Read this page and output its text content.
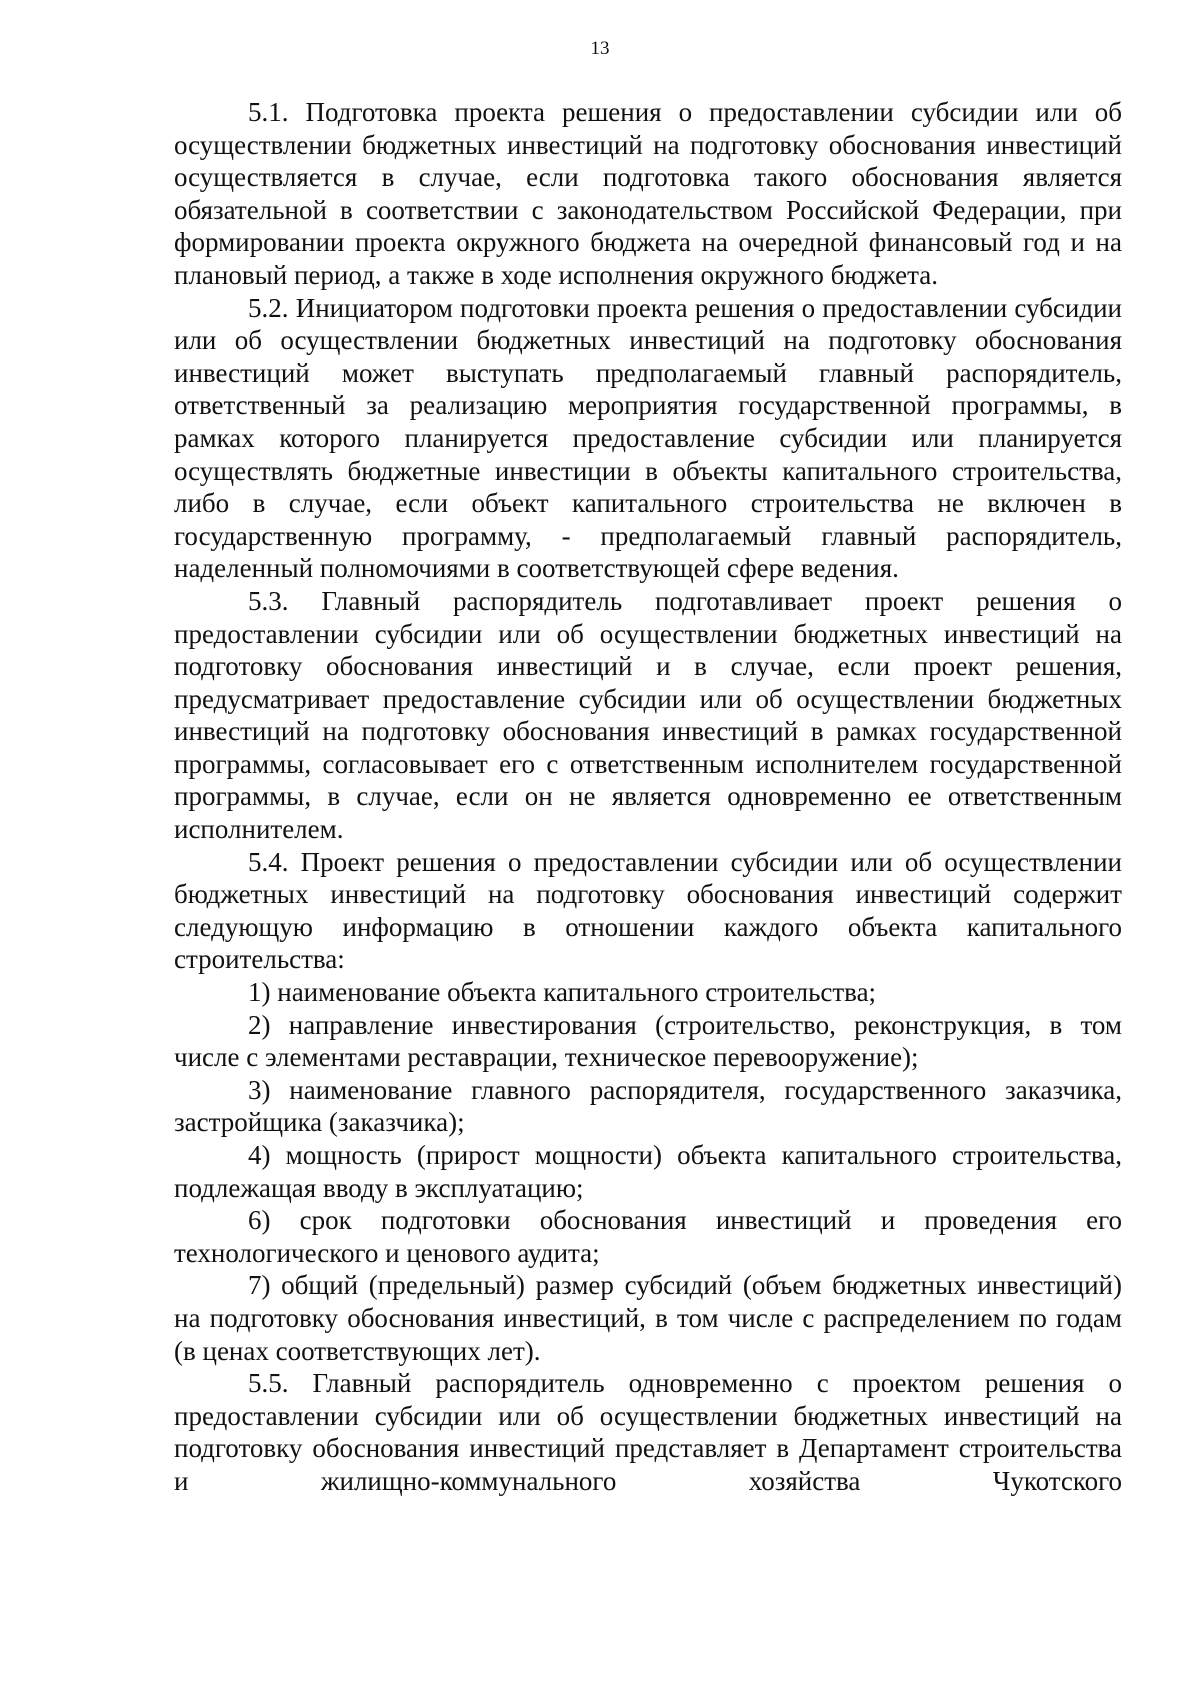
13

5.1. Подготовка проекта решения о предоставлении субсидии или об осуществлении бюджетных инвестиций на подготовку обоснования инвестиций осуществляется в случае, если подготовка такого обоснования является обязательной в соответствии с законодательством Российской Федерации, при формировании проекта окружного бюджета на очередной финансовый год и на плановый период, а также в ходе исполнения окружного бюджета.

5.2. Инициатором подготовки проекта решения о предоставлении субсидии или об осуществлении бюджетных инвестиций на подготовку обоснования инвестиций может выступать предполагаемый главный распорядитель, ответственный за реализацию мероприятия государственной программы, в рамках которого планируется предоставление субсидии или планируется осуществлять бюджетные инвестиции в объекты капитального строительства, либо в случае, если объект капитального строительства не включен в государственную программу, - предполагаемый главный распорядитель, наделенный полномочиями в соответствующей сфере ведения.

5.3. Главный распорядитель подготавливает проект решения о предоставлении субсидии или об осуществлении бюджетных инвестиций на подготовку обоснования инвестиций и в случае, если проект решения, предусматривает предоставление субсидии или об осуществлении бюджетных инвестиций на подготовку обоснования инвестиций в рамках государственной программы, согласовывает его с ответственным исполнителем государственной программы, в случае, если он не является одновременно ее ответственным исполнителем.

5.4. Проект решения о предоставлении субсидии или об осуществлении бюджетных инвестиций на подготовку обоснования инвестиций содержит следующую информацию в отношении каждого объекта капитального строительства:

1) наименование объекта капитального строительства;

2) направление инвестирования (строительство, реконструкция, в том числе с элементами реставрации, техническое перевооружение);

3) наименование главного распорядителя, государственного заказчика, застройщика (заказчика);

4) мощность (прирост мощности) объекта капитального строительства, подлежащая вводу в эксплуатацию;

6) срок подготовки обоснования инвестиций и проведения его технологического и ценового аудита;

7) общий (предельный) размер субсидий (объем бюджетных инвестиций) на подготовку обоснования инвестиций, в том числе с распределением по годам (в ценах соответствующих лет).

5.5. Главный распорядитель одновременно с проектом решения о предоставлении субсидии или об осуществлении бюджетных инвестиций на подготовку обоснования инвестиций представляет в Департамент строительства и жилищно-коммунального хозяйства Чукотского
